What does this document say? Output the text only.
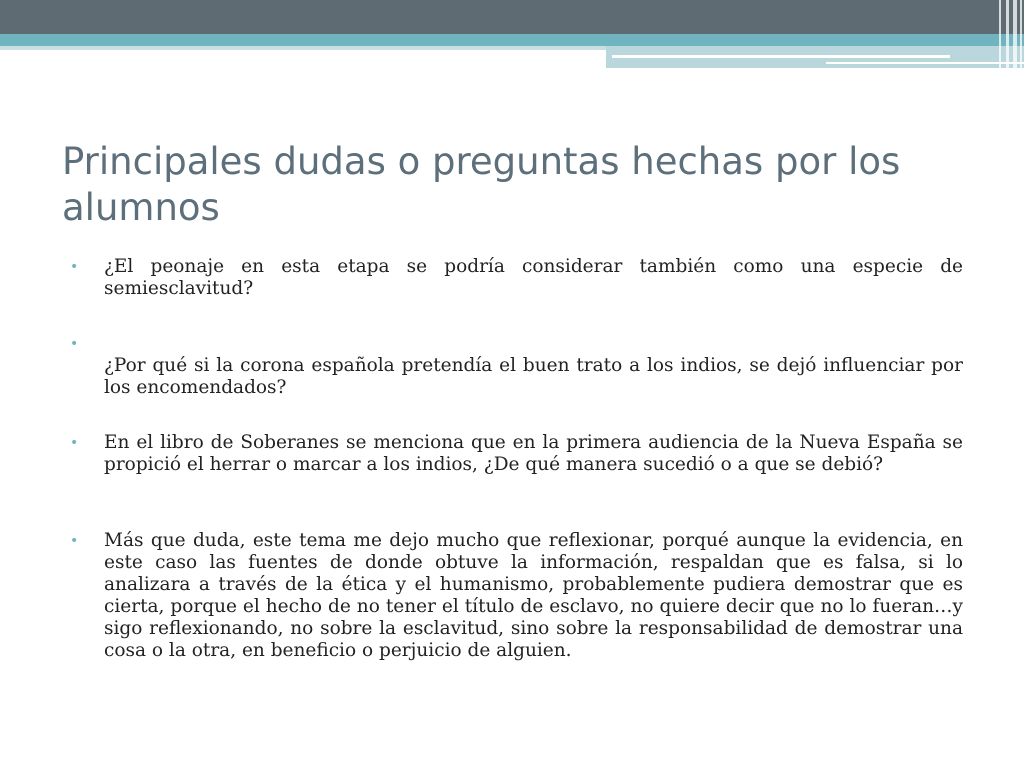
Principales dudas o preguntas hechas por los alumnos
•	¿El peonaje en esta etapa se podría considerar también como una especie de semiesclavitud?
•
¿Por qué si la corona española pretendía el buen trato a los indios, se dejó influenciar por los encomendados?
•	En el libro de Soberanes se menciona que en la primera audiencia de la Nueva España se propició el herrar o marcar a los indios, ¿De qué manera sucedió o a que se debió?
•	Más que duda, este tema me dejo mucho que reflexionar, porqué aunque la evidencia, en este caso las fuentes de donde obtuve la información, respaldan que es falsa, si lo analizara a través de la ética y el humanismo, probablemente pudiera demostrar que es cierta, porque el hecho de no tener el título de esclavo, no quiere decir que no lo fueran…y sigo reflexionando, no sobre la esclavitud, sino sobre la responsabilidad de demostrar una cosa o la otra, en beneficio o perjuicio de alguien.
